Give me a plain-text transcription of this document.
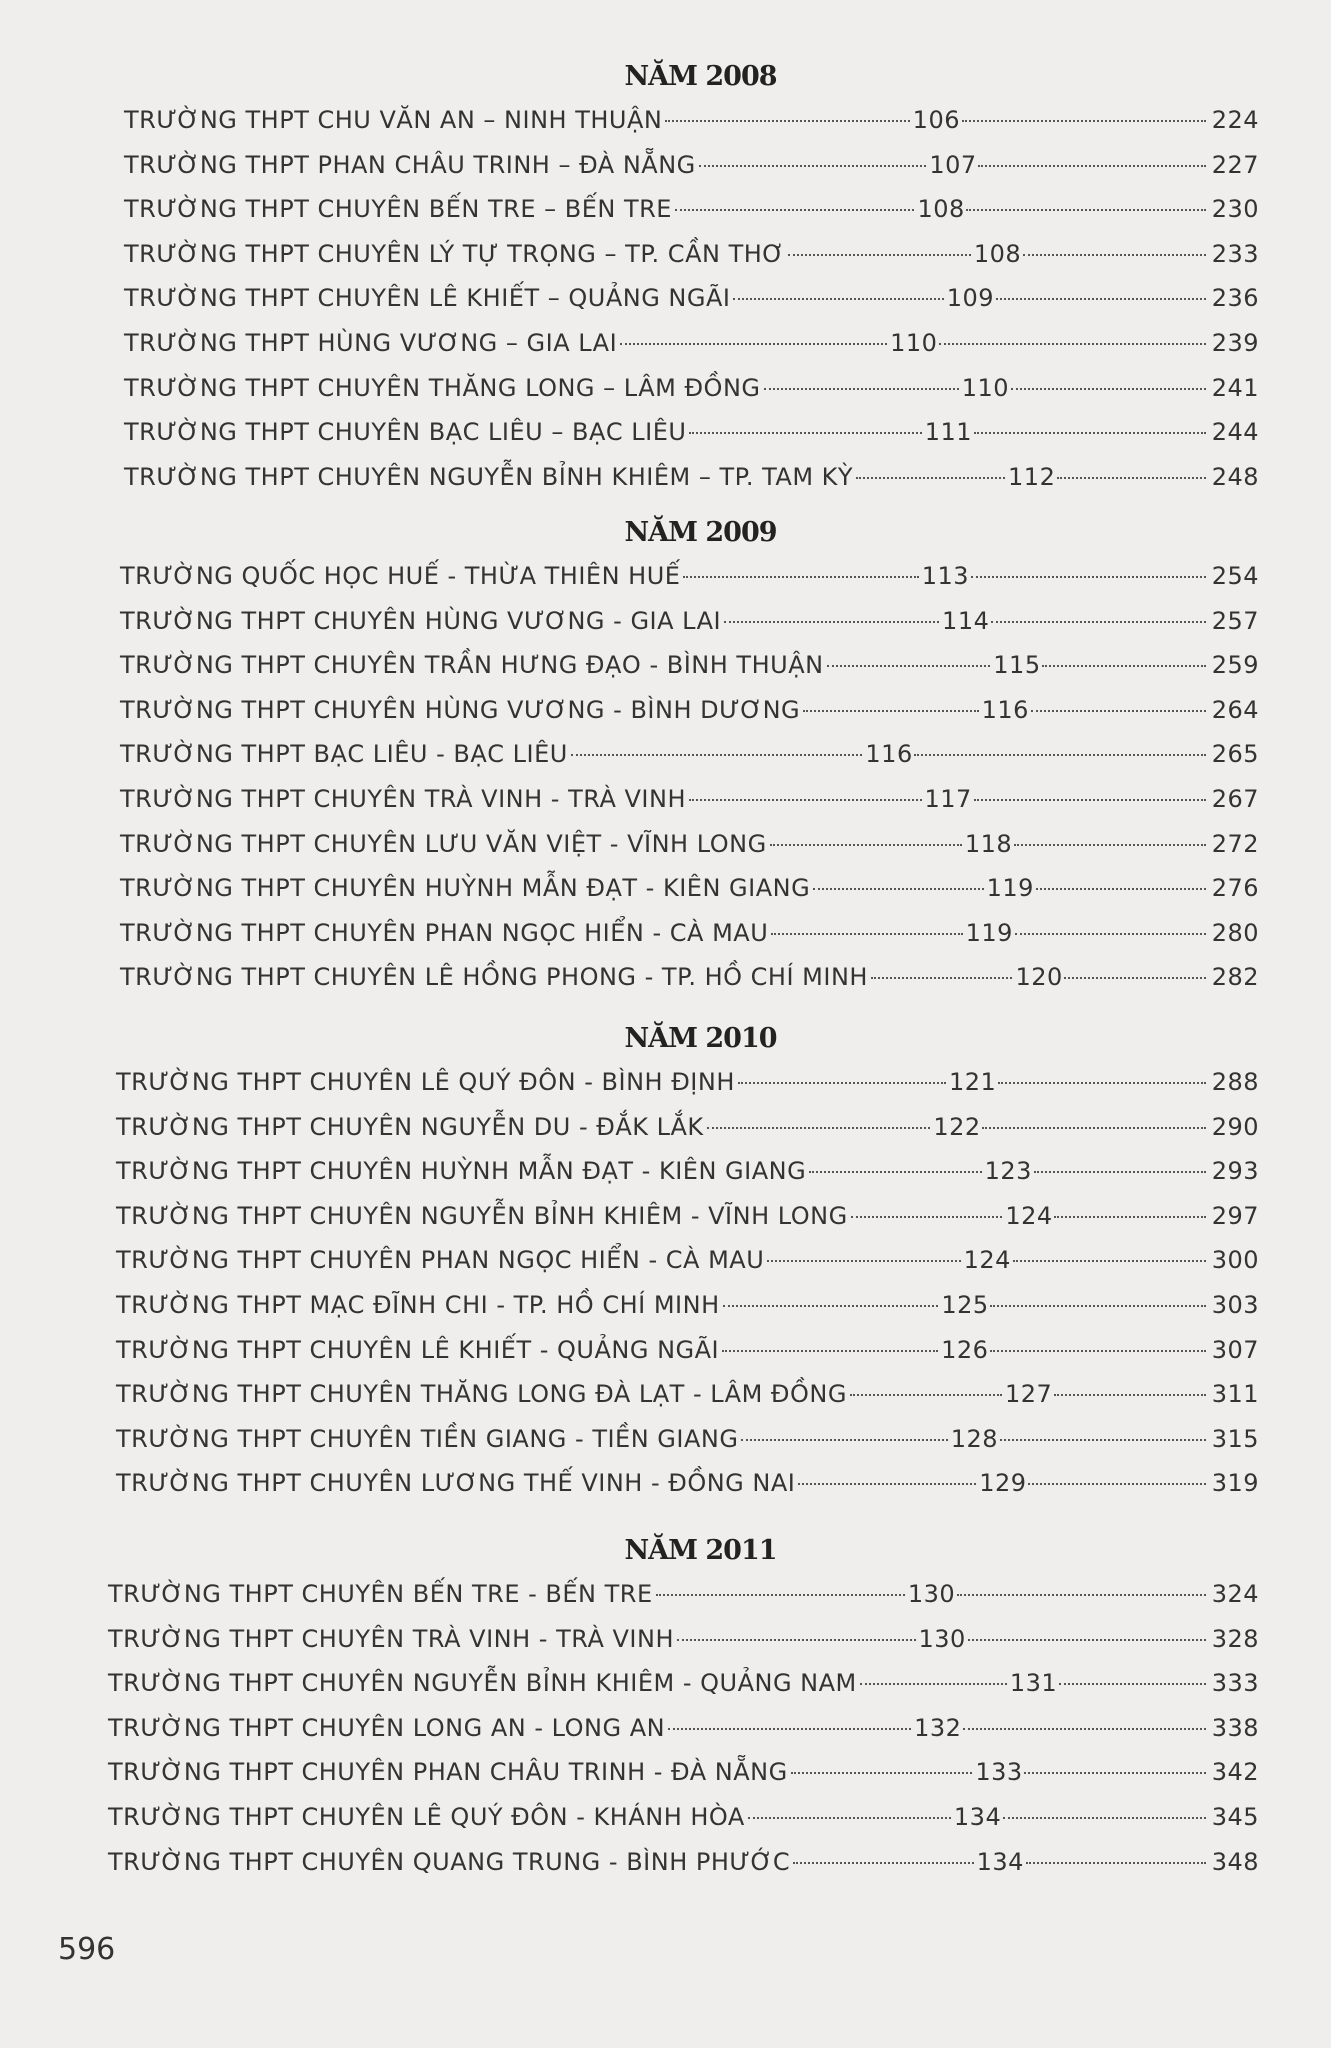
NĂM 2008
TRƯỜNG THPT CHU VĂN AN – NINH THUẬN	106	224
TRƯỜNG THPT PHAN CHÂU TRINH – ĐÀ NẴNG	107	227
TRƯỜNG THPT CHUYÊN BẾN TRE – BẾN TRE	108	230
TRƯỜNG THPT CHUYÊN LÝ TỰ TRỌNG – TP. CẦN THƠ	108	233
TRƯỜNG THPT CHUYÊN LÊ KHIẾT – QUẢNG NGÃI	109	236
TRƯỜNG THPT HÙNG VƯƠNG – GIA LAI	110	239
TRƯỜNG THPT CHUYÊN THĂNG LONG – LÂM ĐỒNG	110	241
TRƯỜNG THPT CHUYÊN BẠC LIÊU – BẠC LIÊU	111	244
TRƯỜNG THPT CHUYÊN NGUYỄN BỈNH KHIÊM – TP. TAM KỲ	112	248
NĂM 2009
TRƯỜNG QUỐC HỌC HUẾ - THỪA THIÊN HUẾ	113	254
TRƯỜNG THPT CHUYÊN HÙNG VƯƠNG - GIA LAI	114	257
TRƯỜNG THPT CHUYÊN TRẦN HƯNG ĐẠO - BÌNH THUẬN	115	259
TRƯỜNG THPT CHUYÊN HÙNG VƯƠNG - BÌNH DƯƠNG	116	264
TRƯỜNG THPT BẠC LIÊU - BẠC LIÊU	116	265
TRƯỜNG THPT CHUYÊN TRÀ VINH - TRÀ VINH	117	267
TRƯỜNG THPT CHUYÊN LƯU VĂN VIỆT - VĨNH LONG	118	272
TRƯỜNG THPT CHUYÊN HUỲNH MẪN ĐẠT - KIÊN GIANG	119	276
TRƯỜNG THPT CHUYÊN PHAN NGỌC HIỂN - CÀ MAU	119	280
TRƯỜNG THPT CHUYÊN LÊ HỒNG PHONG - TP. HỒ CHÍ MINH	120	282
NĂM 2010
TRƯỜNG THPT CHUYÊN LÊ QUÝ ĐÔN - BÌNH ĐỊNH	121	288
TRƯỜNG THPT CHUYÊN NGUYỄN DU - ĐẮK LẮK	122	290
TRƯỜNG THPT CHUYÊN HUỲNH MẪN ĐẠT - KIÊN GIANG	123	293
TRƯỜNG THPT CHUYÊN NGUYỄN BỈNH KHIÊM - VĨNH LONG	124	297
TRƯỜNG THPT CHUYÊN PHAN NGỌC HIỂN - CÀ MAU	124	300
TRƯỜNG THPT MẠC ĐĨNH CHI - TP. HỒ CHÍ MINH	125	303
TRƯỜNG THPT CHUYÊN LÊ KHIẾT - QUẢNG NGÃI	126	307
TRƯỜNG THPT CHUYÊN THĂNG LONG ĐÀ LẠT - LÂM ĐỒNG	127	311
TRƯỜNG THPT CHUYÊN TIỀN GIANG - TIỀN GIANG	128	315
TRƯỜNG THPT CHUYÊN LƯƠNG THẾ VINH - ĐỒNG NAI	129	319
NĂM 2011
TRƯỜNG THPT CHUYÊN BẾN TRE - BẾN TRE	130	324
TRƯỜNG THPT CHUYÊN TRÀ VINH - TRÀ VINH	130	328
TRƯỜNG THPT CHUYÊN NGUYỄN BỈNH KHIÊM - QUẢNG NAM	131	333
TRƯỜNG THPT CHUYÊN LONG AN - LONG AN	132	338
TRƯỜNG THPT CHUYÊN PHAN CHÂU TRINH - ĐÀ NẴNG	133	342
TRƯỜNG THPT CHUYÊN LÊ QUÝ ĐÔN - KHÁNH HÒA	134	345
TRƯỜNG THPT CHUYÊN QUANG TRUNG - BÌNH PHƯỚC	134	348
596
